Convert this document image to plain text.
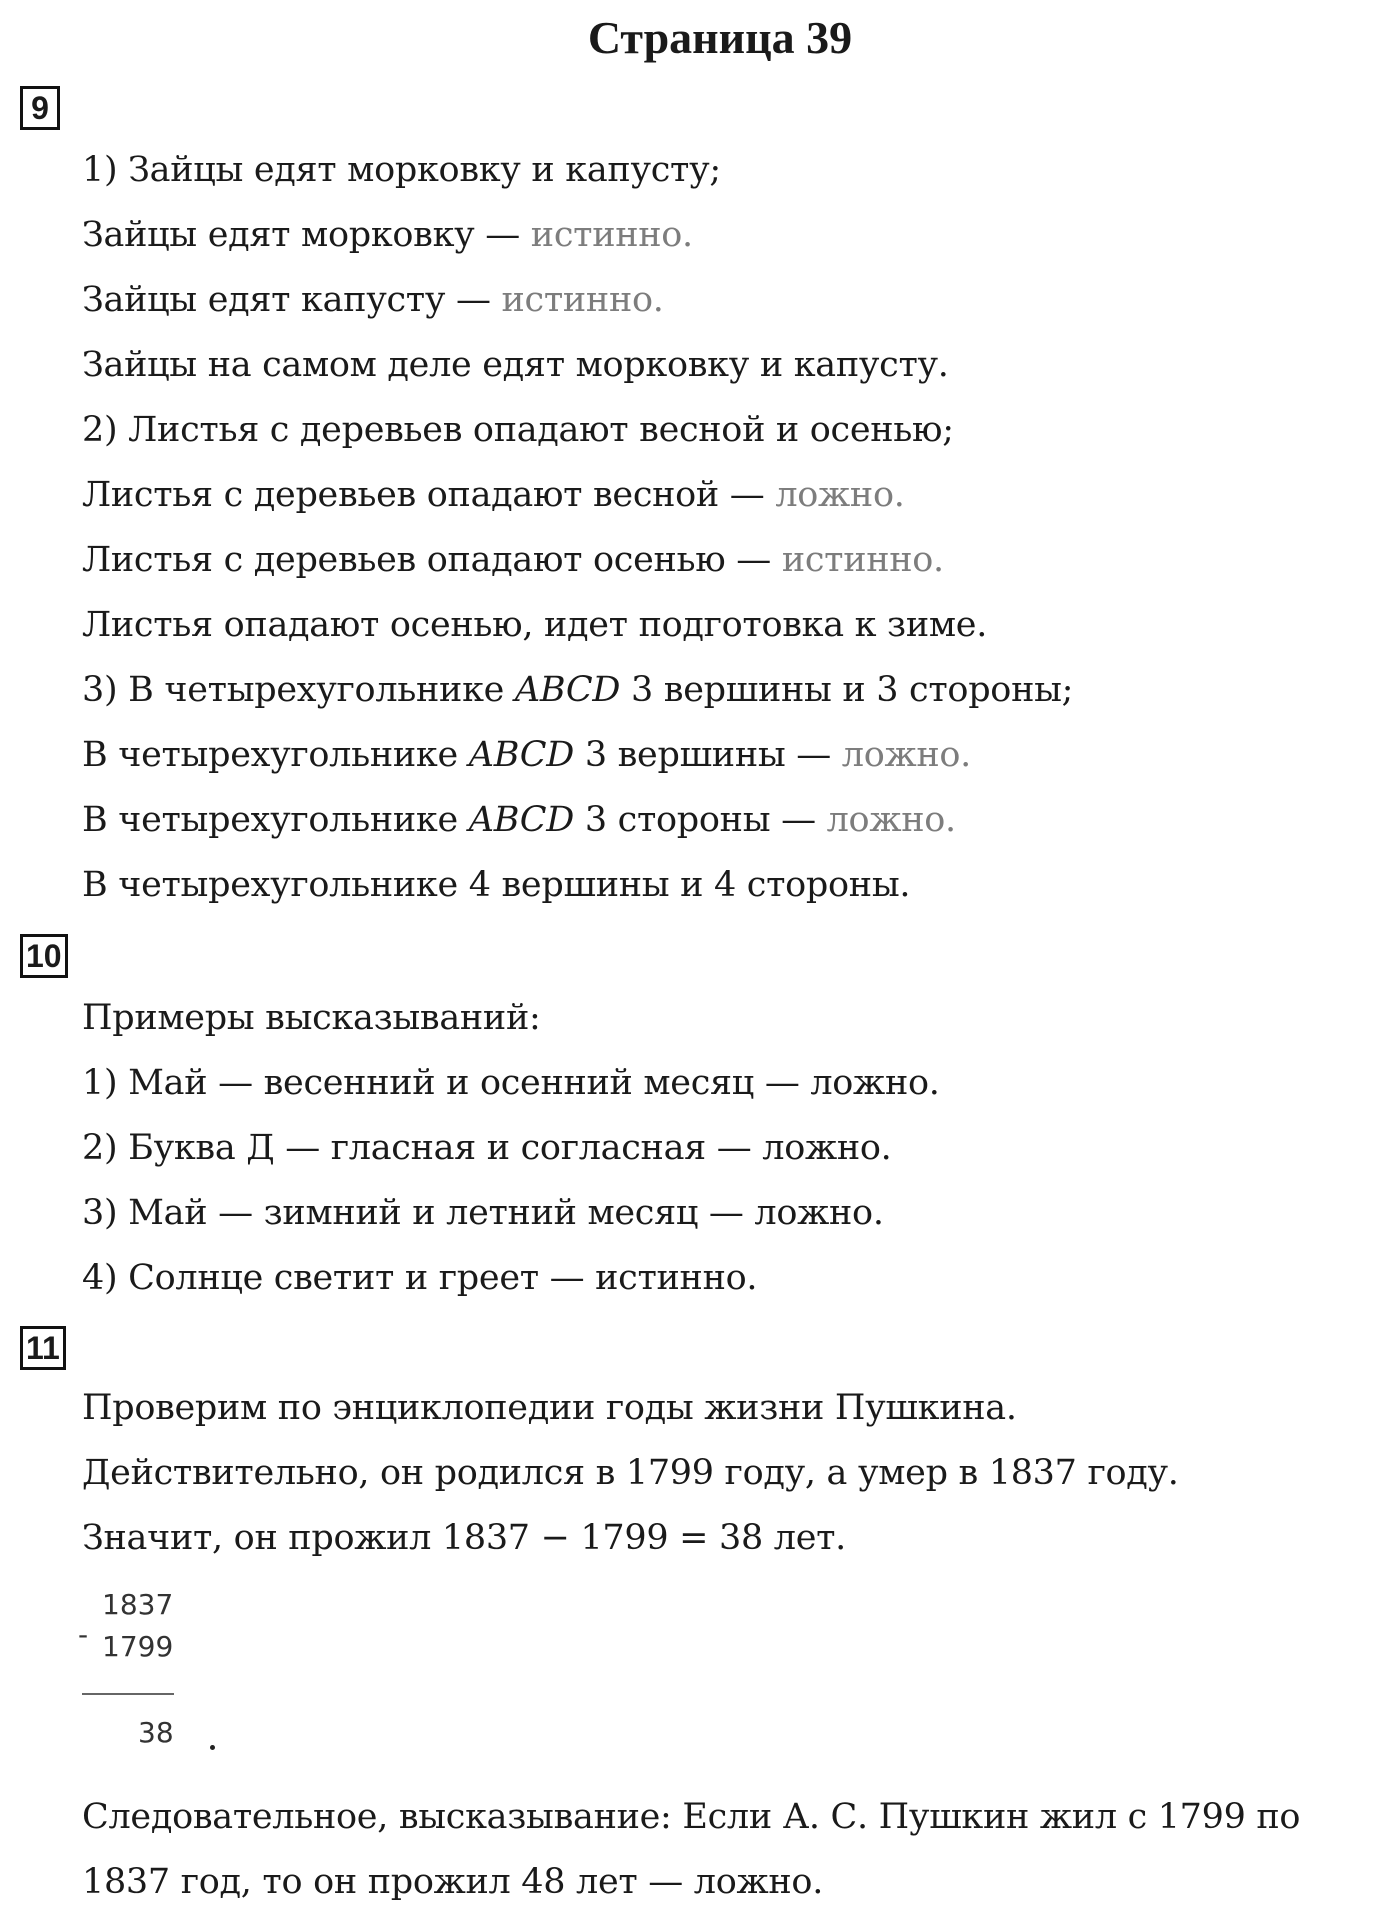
Страница 39
9
1) Зайцы едят морковку и капусту;
Зайцы едят морковку — истинно.
Зайцы едят капусту — истинно.
Зайцы на самом деле едят морковку и капусту.
2) Листья с деревьев опадают весной и осенью;
Листья с деревьев опадают весной — ложно.
Листья с деревьев опадают осенью — истинно.
Листья опадают осенью, идет подготовка к зиме.
3) В четырехугольнике ABCD 3 вершины и 3 стороны;
В четырехугольнике ABCD 3 вершины — ложно.
В четырехугольнике ABCD 3 стороны — ложно.
В четырехугольнике 4 вершины и 4 стороны.
10
Примеры высказываний:
1) Май — весенний и осенний месяц — ложно.
2) Буква Д — гласная и согласная — ложно.
3) Май — зимний и летний месяц — ложно.
4) Солнце светит и греет — истинно.
11
Проверим по энциклопедии годы жизни Пушкина.
Действительно, он родился в 1799 году, а умер в 1837 году.
Значит, он прожил 1837 − 1799 = 38 лет.
-
1837
1799
38
Следовательное, высказывание: Если А. С. Пушкин жил с 1799 по
1837 год, то он прожил 48 лет — ложно.
